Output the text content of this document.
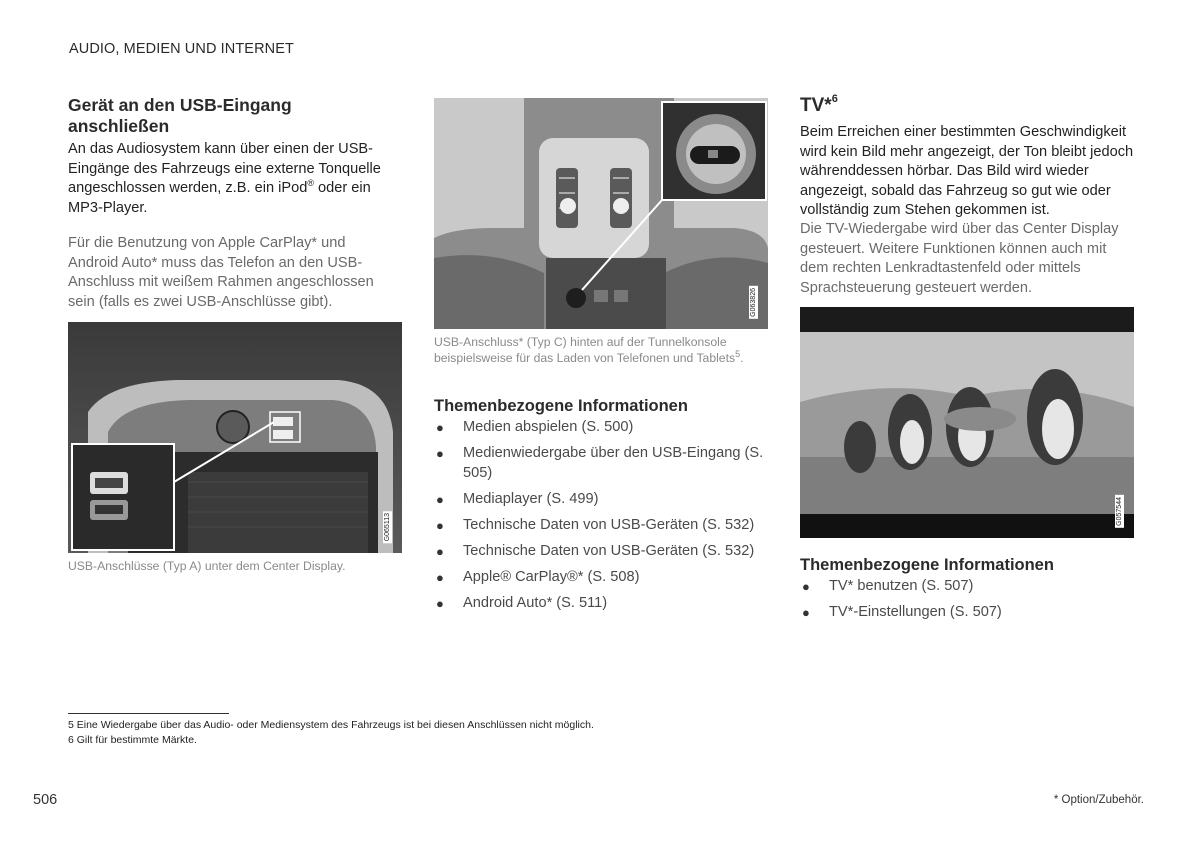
AUDIO, MEDIEN UND INTERNET
Gerät an den USB-Eingang anschließen
An das Audiosystem kann über einen der USB-Eingänge des Fahrzeugs eine externe Tonquelle angeschlossen werden, z.B. ein iPod® oder ein MP3-Player.
Für die Benutzung von Apple CarPlay* und Android Auto* muss das Telefon an den USB-Anschluss mit weißem Rahmen angeschlossen sein (falls es zwei USB-Anschlüsse gibt).
G065113
USB-Anschlüsse (Typ A) unter dem Center Display.
G063826
USB-Anschluss* (Typ C) hinten auf der Tunnelkonsole beispielsweise für das Laden von Telefonen und Tablets$^5$.
Themenbezogene Informationen
● Medien abspielen (S. 500)
● Medienwiedergabe über den USB-Eingang (S. 505)
● Mediaplayer (S. 499)
● Technische Daten von USB-Geräten (S. 532)
● Technische Daten von USB-Geräten (S. 532)
● Apple® CarPlay®* (S. 508)
● Android Auto* (S. 511)
TV*$^6$
Beim Erreichen einer bestimmten Geschwindigkeit wird kein Bild mehr angezeigt, der Ton bleibt jedoch währenddessen hörbar. Das Bild wird wieder angezeigt, sobald das Fahrzeug so gut wie oder vollständig zum Stehen gekommen ist.
Die TV-Wiedergabe wird über das Center Display gesteuert. Weitere Funktionen können auch mit dem rechten Lenkradtastenfeld oder mittels Sprachsteuerung gesteuert werden.
G057544
Themenbezogene Informationen
● TV* benutzen (S. 507)
● TV*-Einstellungen (S. 507)
5 Eine Wiedergabe über das Audio- oder Mediensystem des Fahrzeugs ist bei diesen Anschlüssen nicht möglich.
6 Gilt für bestimmte Märkte.
506	* Option/Zubehör.
